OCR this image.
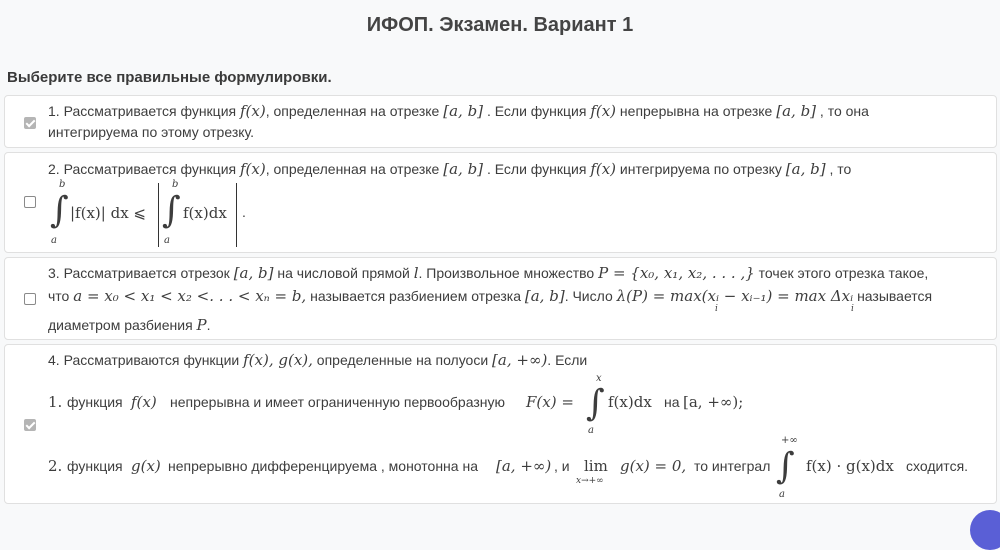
ИФОП. Экзамен. Вариант 1
Выберите все правильные формулировки.
1. Рассматривается функция f(x), определенная на отрезке [a, b] . Если функция f(x) непрерывна на отрезке [a, b] , то она
интегрируема по этому отрезку.
2. Рассматривается функция f(x), определенная на отрезке [a, b] . Если функция f(x) интегрируема по отрезку [a, b] , то
b
∫
a
|f(x)| dx ⩽
b
∫
a
f(x)dx .
3. Рассматривается отрезок [a, b] на числовой прямой l. Произвольное множество P = {x₀, x₁, x₂, . . . ,} точек этого отрезка такое,
что a = x₀ < x₁ < x₂ <. . . < xₙ = b, называется разбиением отрезка [a, b]. Число λ(P) = max(xᵢ − xᵢ₋₁) = max Δxᵢ называется
i	i
диаметром разбиения P.
4. Рассматриваются функции f(x), g(x), определенные на полуоси [a, +∞). Если
1. функция f(x) непрерывна и имеет ограниченную первообразную F(x) =
x
∫
a
f(x)dx на [a, +∞);
2. функция g(x) непрерывно дифференцируема , монотонна на [a, +∞) , и lim
x→+∞
g(x) = 0, то интеграл
+∞
∫
a
f(x) · g(x)dx сходится.
